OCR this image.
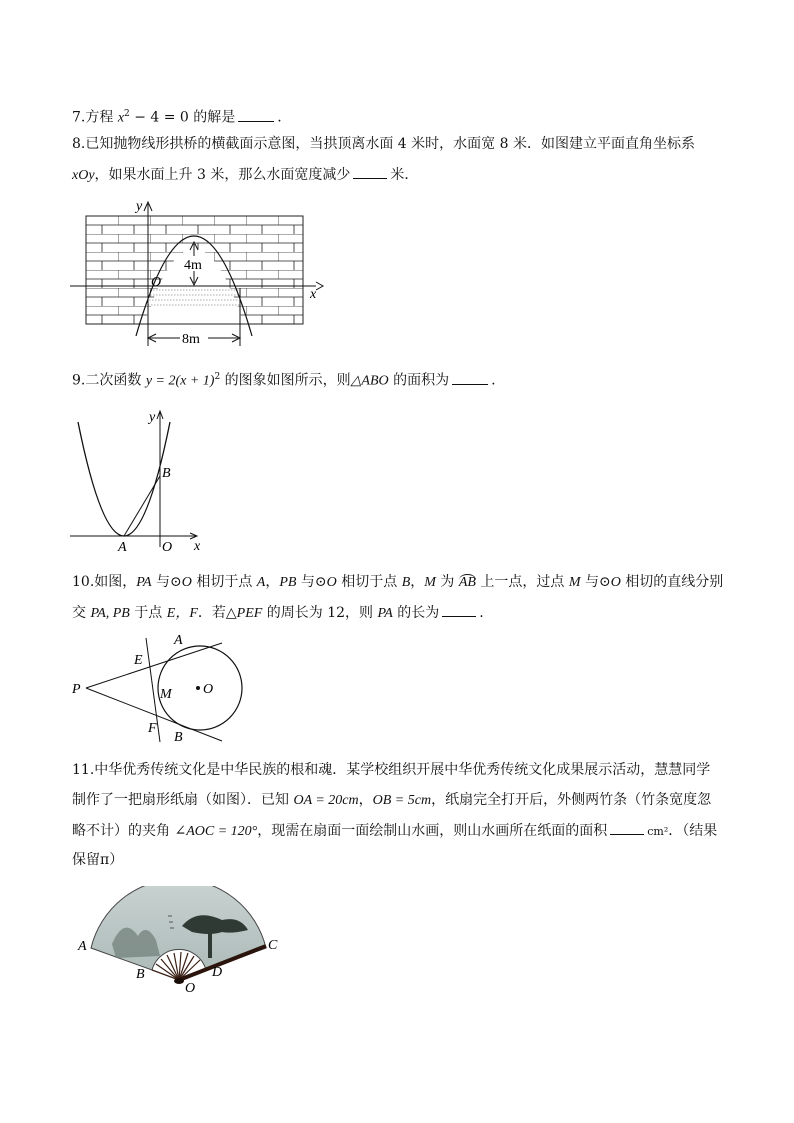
7.方程 $x^2 - 4 = 0$ 的解是	.
8.已知抛物线形拱桥的横截面示意图，当拱顶离水面 4 米时，水面宽 8 米．如图建立平面直角坐标系
xOy，如果水面上升 3 米，那么水面宽度减少	米．
y
x
O
4m
8m
9.二次函数 $y = 2(x + 1)^2$ 的图象如图所示，则△ABO 的面积为	.
y
x
A
B
O
10.如图，PA 与⊙O 相切于点 A，PB 与⊙O 相切于点 B，M 为 AB 上一点，过点 M 与⊙O 相切的直线分别
交 PA, PB 于点 E，F．若△PEF 的周长为 12，则 PA 的长为	.
P
A
B
E
F
M O
11.中华优秀传统文化是中华民族的根和魂．某学校组织开展中华优秀传统文化成果展示活动，慧慧同学
制作了一把扇形纸扇（如图）．已知 OA = 20cm，OB = 5cm，纸扇完全打开后，外侧两竹条（竹条宽度忽
略不计）的夹角 ∠AOC = 120°，现需在扇面一面绘制山水画，则山水画所在纸面的面积	cm²．（结果
保留π）
A	C
B	D
O
